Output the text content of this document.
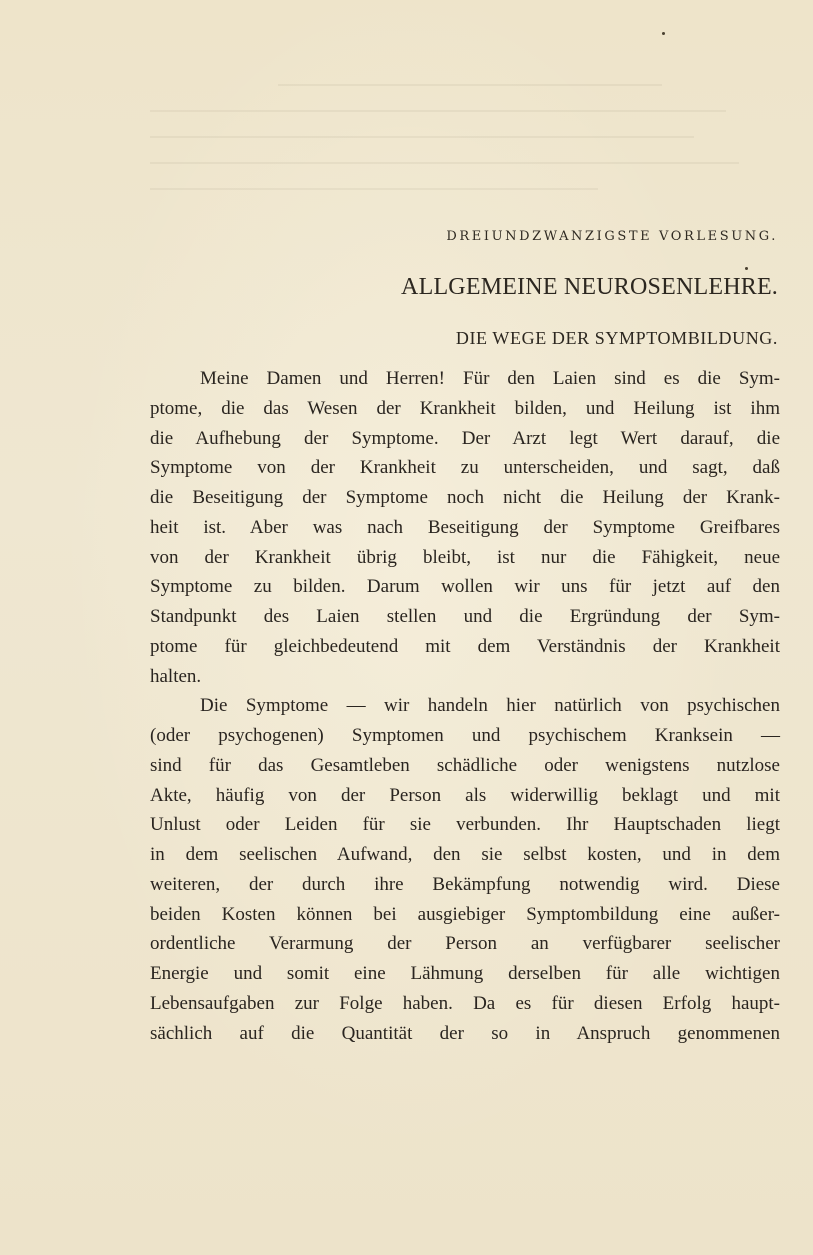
DREIUNDZWANZIGSTE VORLESUNG.
ALLGEMEINE NEUROSENLEHRE.
DIE WEGE DER SYMPTOMBILDUNG.
Meine Damen und Herren! Für den Laien sind es die Sym-
ptome, die das Wesen der Krankheit bilden, und Heilung ist ihm
die Aufhebung der Symptome. Der Arzt legt Wert darauf, die
Symptome von der Krankheit zu unterscheiden, und sagt, daß
die Beseitigung der Symptome noch nicht die Heilung der Krank-
heit ist. Aber was nach Beseitigung der Symptome Greifbares
von der Krankheit übrig bleibt, ist nur die Fähigkeit, neue
Symptome zu bilden. Darum wollen wir uns für jetzt auf den
Standpunkt des Laien stellen und die Ergründung der Sym-
ptome für gleichbedeutend mit dem Verständnis der Krankheit
halten.
Die Symptome — wir handeln hier natürlich von psychischen
(oder psychogenen) Symptomen und psychischem Kranksein —
sind für das Gesamtleben schädliche oder wenigstens nutzlose
Akte, häufig von der Person als widerwillig beklagt und mit
Unlust oder Leiden für sie verbunden. Ihr Hauptschaden liegt
in dem seelischen Aufwand, den sie selbst kosten, und in dem
weiteren, der durch ihre Bekämpfung notwendig wird. Diese
beiden Kosten können bei ausgiebiger Symptombildung eine außer-
ordentliche Verarmung der Person an verfügbarer seelischer
Energie und somit eine Lähmung derselben für alle wichtigen
Lebensaufgaben zur Folge haben. Da es für diesen Erfolg haupt-
sächlich auf die Quantität der so in Anspruch genommenen
